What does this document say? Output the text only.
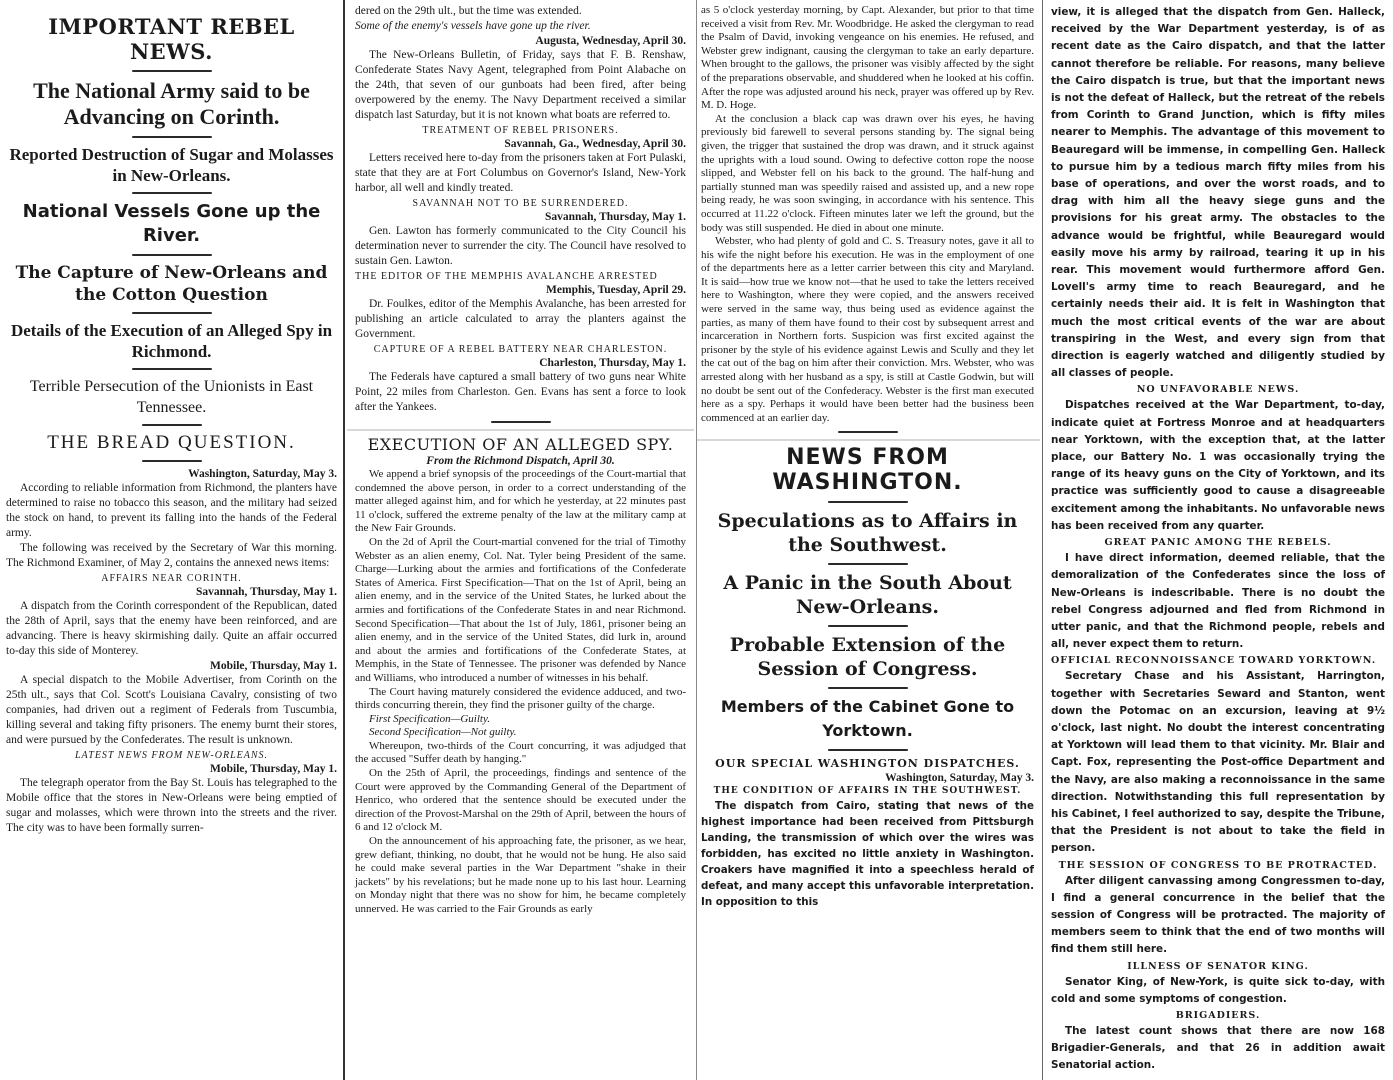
IMPORTANT REBEL NEWS.
The National Army said to be Advancing on Corinth.
Reported Destruction of Sugar and Molasses in New-Orleans.
National Vessels Gone up the River.
The Capture of New-Orleans and the Cotton Question
Details of the Execution of an Alleged Spy in Richmond.
Terrible Persecution of the Unionists in East Tennessee.
THE BREAD QUESTION.
Washington, Saturday, May 3.

According to reliable information from Richmond, the planters have determined to raise no tobacco this season, and the military had seized the stock on hand, to prevent its falling into the hands of the Federal army.

The following was received by the Secretary of War this morning. The Richmond Examiner, of May 2, contains the annexed news items:

AFFAIRS NEAR CORINTH.
Savannah, Thursday, May 1.

A dispatch from the Corinth correspondent of the Republican, dated the 28th of April, says that the enemy have been reinforced, and are advancing. There is heavy skirmishing daily. Quite an affair occurred to-day this side of Monterey.

Mobile, Thursday, May 1.

A special dispatch to the Mobile Advertiser, from Corinth on the 25th ult., says that Col. Scott's Louisiana Cavalry, consisting of two companies, had driven out a regiment of Federals from Tuscumbia, killing several and taking fifty prisoners. The enemy burnt their stores, and were pursued by the Confederates. The result is unknown.

LATEST NEWS FROM NEW-ORLEANS.
Mobile, Thursday, May 1.

The telegraph operator from the Bay St. Louis has telegraphed to the Mobile office that the stores in New-Orleans were being emptied of sugar and molasses, which were thrown into the streets and the river. The city was to have been formally surren-

dered on the 29th ult., but the time was extended.

Some of the enemy's vessels have gone up the river.

Augusta, Wednesday, April 30.

The New-Orleans Bulletin, of Friday, says that F. B. Renshaw, Confederate States Navy Agent, telegraphed from Point Alabache on the 24th, that seven of our gunboats had been fired, after being overpowered by the enemy. The Navy Department received a similar dispatch last Saturday, but it is not known what boats are referred to.

TREATMENT OF REBEL PRISONERS.
Savannah, Ga., Wednesday, April 30.

Letters received here to-day from the prisoners taken at Fort Pulaski, state that they are at Fort Columbus on Governor's Island, New-York harbor, all well and kindly treated.

SAVANNAH NOT TO BE SURRENDERED.
Savannah, Thursday, May 1.

Gen. Lawton has formerly communicated to the City Council his determination never to surrender the city. The Council have resolved to sustain Gen. Lawton.

THE EDITOR OF THE MEMPHIS AVALANCHE ARRESTED
Memphis, Tuesday, April 29.

Dr. Foulkes, editor of the Memphis Avalanche, has been arrested for publishing an article calculated to array the planters against the Government.

CAPTURE OF A REBEL BATTERY NEAR CHARLESTON.
Charleston, Thursday, May 1.

The Federals have captured a small battery of two guns near White Point, 22 miles from Charleston. Gen. Evans has sent a force to look after the Yankees.

EXECUTION OF AN ALLEGED SPY.
From the Richmond Dispatch, April 30.

We append a brief synopsis of the proceedings of the Court-martial that condemned the above person, in order to a correct understanding of the matter alleged against him, and for which he yesterday, at 22 minutes past 11 o'clock, suffered the extreme penalty of the law at the military camp at the New Fair Grounds.

On the 2d of April the Court-martial convened for the trial of Timothy Webster as an alien enemy, Col. Nat. Tyler being President of the same. Charge—Lurking about the armies and fortifications of the Confederate States of America. First Specification—That on the 1st of April, being an alien enemy, and in the service of the United States, he lurked about the armies and fortifications of the Confederate States in and near Richmond. Second Specification—That about the 1st of July, 1861, prisoner being an alien enemy, and in the service of the United States, did lurk in, around and about the armies and fortifications of the Confederate States, at Memphis, in the State of Tennessee. The prisoner was defended by Nance and Williams, who introduced a number of witnesses in his behalf.

The Court having maturely considered the evidence adduced, and two-thirds concurring therein, they find the prisoner guilty of the charge.

First Specification—Guilty.

Second Specification—Not guilty.

Whereupon, two-thirds of the Court concurring, it was adjudged that the accused "Suffer death by hanging."

On the 25th of April, the proceedings, findings and sentence of the Court were approved by the Commanding General of the Department of Henrico, who ordered that the sentence should be executed under the direction of the Provost-Marshal on the 29th of April, between the hours of 6 and 12 o'clock M.

On the announcement of his approaching fate, the prisoner, as we hear, grew defiant, thinking, no doubt, that he would not be hung. He also said he could make several parties in the War Department "shake in their jackets" by his revelations; but he made none up to his last hour. Learning on Monday night that there was no show for him, he became completely unnerved. He was carried to the Fair Grounds as early

as 5 o'clock yesterday morning, by Capt. Alexander, but prior to that time received a visit from Rev. Mr. Woodbridge. He asked the clergyman to read the Psalm of David, invoking vengeance on his enemies. He refused, and Webster grew indignant, causing the clergyman to take an early departure. When brought to the gallows, the prisoner was visibly affected by the sight of the preparations observable, and shuddered when he looked at his coffin. After the rope was adjusted around his neck, prayer was offered up by Rev. M. D. Hoge.

At the conclusion a black cap was drawn over his eyes, he having previously bid farewell to several persons standing by. The signal being given, the trigger that sustained the drop was drawn, and it struck against the uprights with a loud sound. Owing to defective cotton rope the noose slipped, and Webster fell on his back to the ground. The half-hung and partially stunned man was speedily raised and assisted up, and a new rope being ready, he was soon swinging, in accordance with his sentence. This occurred at 11.22 o'clock. Fifteen minutes later we left the ground, but the body was still suspended. He died in about one minute.

Webster, who had plenty of gold and C. S. Treasury notes, gave it all to his wife the night before his execution. He was in the employment of one of the departments here as a letter carrier between this city and Maryland. It is said—how true we know not—that he used to take the letters received here to Washington, where they were copied, and the answers received were served in the same way, thus being used as evidence against the parties, as many of them have found to their cost by subsequent arrest and incarceration in Northern forts. Suspicion was first excited against the prisoner by the style of his evidence against Lewis and Scully and they let the cat out of the bag on him after their conviction. Mrs. Webster, who was arrested along with her husband as a spy, is still at Castle Godwin, but will no doubt be sent out of the Confederacy. Webster is the first man executed here as a spy. Perhaps it would have been better had the business been commenced at an earlier day.

NEWS FROM WASHINGTON.
Speculations as to Affairs in the Southwest.
A Panic in the South About New-Orleans.
Probable Extension of the Session of Congress.
Members of the Cabinet Gone to Yorktown.
OUR SPECIAL WASHINGTON DISPATCHES.
Washington, Saturday, May 3.
THE CONDITION OF AFFAIRS IN THE SOUTHWEST.

The dispatch from Cairo, stating that news of the highest importance had been received from Pittsburgh Landing, the transmission of which over the wires was forbidden, has excited no little anxiety in Washington. Croakers have magnified it into a speechless herald of defeat, and many accept this unfavorable interpretation. In opposition to this

view, it is alleged that the dispatch from Gen. Halleck, received by the War Department yesterday, is of as recent date as the Cairo dispatch, and that the latter cannot therefore be reliable. For reasons, many believe the Cairo dispatch is true, but that the important news is not the defeat of Halleck, but the retreat of the rebels from Corinth to Grand Junction, which is fifty miles nearer to Memphis. The advantage of this movement to Beauregard will be immense, in compelling Gen. Halleck to pursue him by a tedious march fifty miles from his base of operations, and over the worst roads, and to drag with him all the heavy siege guns and the provisions for his great army. The obstacles to the advance would be frightful, while Beauregard would easily move his army by railroad, tearing it up in his rear. This movement would furthermore afford Gen. Lovell's army time to reach Beauregard, and he certainly needs their aid. It is felt in Washington that much the most critical events of the war are about transpiring in the West, and every sign from that direction is eagerly watched and diligently studied by all classes of people.

NO UNFAVORABLE NEWS.

Dispatches received at the War Department, to-day, indicate quiet at Fortress Monroe and at headquarters near Yorktown, with the exception that, at the latter place, our Battery No. 1 was occasionally trying the range of its heavy guns on the City of Yorktown, and its practice was sufficiently good to cause a disagreeable excitement among the inhabitants. No unfavorable news has been received from any quarter.

GREAT PANIC AMONG THE REBELS.

I have direct information, deemed reliable, that the demoralization of the Confederates since the loss of New-Orleans is indescribable. There is no doubt the rebel Congress adjourned and fled from Richmond in utter panic, and that the Richmond people, rebels and all, never expect them to return.

OFFICIAL RECONNOISSANCE TOWARD YORKTOWN.

Secretary Chase and his Assistant, Harrington, together with Secretaries Seward and Stanton, went down the Potomac on an excursion, leaving at 9½ o'clock, last night. No doubt the interest concentrating at Yorktown will lead them to that vicinity. Mr. Blair and Capt. Fox, representing the Post-office Department and the Navy, are also making a reconnoissance in the same direction. Notwithstanding this full representation by his Cabinet, I feel authorized to say, despite the Tribune, that the President is not about to take the field in person.

THE SESSION OF CONGRESS TO BE PROTRACTED.

After diligent canvassing among Congressmen to-day, I find a general concurrence in the belief that the session of Congress will be protracted. The majority of members seem to think that the end of two months will find them still here.

ILLNESS OF SENATOR KING.

Senator King, of New-York, is quite sick to-day, with cold and some symptoms of congestion.

BRIGADIERS.

The latest count shows that there are now 168 Brigadier-Generals, and that 26 in addition await Senatorial action.
